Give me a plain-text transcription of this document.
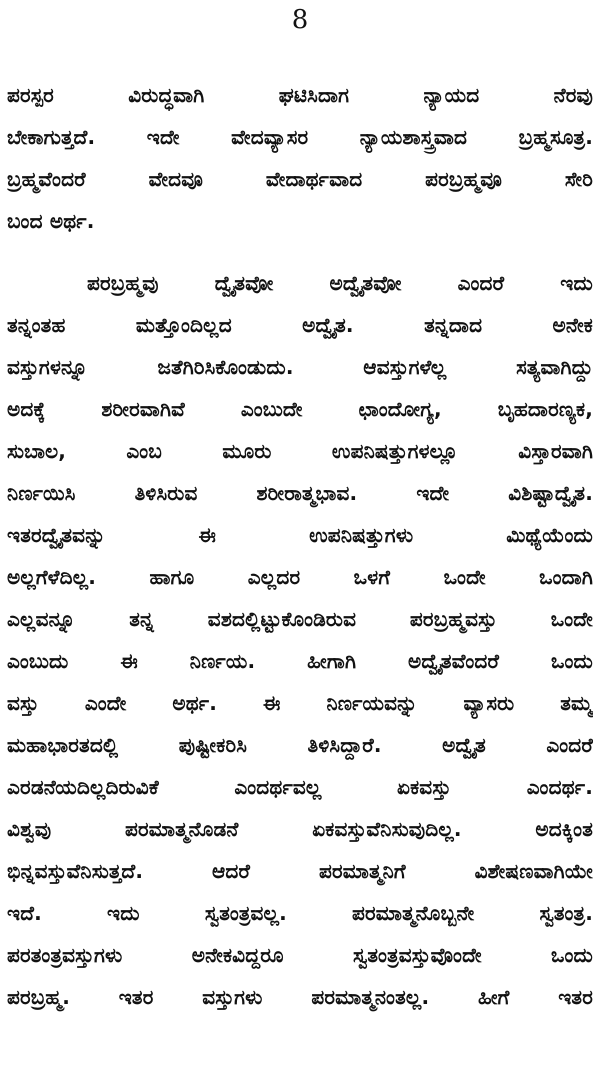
8
ಪರಸ್ಪರ ವಿರುದ್ಧವಾಗಿ ಘಟಿಸಿದಾಗ ನ್ಯಾಯದ ನೆರವು
ಬೇಕಾಗುತ್ತದೆ. ಇದೇ ವೇದವ್ಯಾಸರ ನ್ಯಾಯಶಾಸ್ತ್ರವಾದ ಬ್ರಹ್ಮಸೂತ್ರ.
ಬ್ರಹ್ಮವೆಂದರೆ ವೇದವೂ ವೇದಾರ್ಥವಾದ ಪರಬ್ರಹ್ಮವೂ ಸೇರಿ
ಬಂದ ಅರ್ಥ.
ಪರಬ್ರಹ್ಮವು ದ್ವೈತವೋ ಅದ್ವೈತವೋ ಎಂದರೆ ಇದು
ತನ್ನಂತಹ ಮತ್ತೊಂದಿಲ್ಲದ ಅದ್ವೈತ. ತನ್ನದಾದ ಅನೇಕ
ವಸ್ತುಗಳನ್ನೂ ಜತೆಗಿರಿಸಿಕೊಂಡುದು. ಆವಸ್ತುಗಳೆಲ್ಲ ಸತ್ಯವಾಗಿದ್ದು
ಅದಕ್ಕೆ ಶರೀರವಾಗಿವೆ ಎಂಬುದೇ ಛಾಂದೋಗ್ಯ, ಬೃಹದಾರಣ್ಯಕ,
ಸುಬಾಲ, ಎಂಬ ಮೂರು ಉಪನಿಷತ್ತುಗಳಲ್ಲೂ ವಿಸ್ತಾರವಾಗಿ
ನಿರ್ಣಯಿಸಿ ತಿಳಿಸಿರುವ ಶರೀರಾತ್ಮಭಾವ. ಇದೇ ವಿಶಿಷ್ಟಾದ್ವೈತ.
ಇತರದ್ವೈತವನ್ನು ಈ ಉಪನಿಷತ್ತುಗಳು ಮಿಥ್ಯೆಯೆಂದು
ಅಲ್ಲಗೆಳೆದಿಲ್ಲ. ಹಾಗೂ ಎಲ್ಲದರ ಒಳಗೆ ಒಂದೇ ಒಂದಾಗಿ
ಎಲ್ಲವನ್ನೂ ತನ್ನ ವಶದಲ್ಲಿಟ್ಟುಕೊಂಡಿರುವ ಪರಬ್ರಹ್ಮವಸ್ತು ಒಂದೇ
ಎಂಬುದು ಈ ನಿರ್ಣಯ. ಹೀಗಾಗಿ ಅದ್ವೈತವೆಂದರೆ ಒಂದು
ವಸ್ತು ಎಂದೇ ಅರ್ಥ. ಈ ನಿರ್ಣಯವನ್ನು ವ್ಯಾಸರು ತಮ್ಮ
ಮಹಾಭಾರತದಲ್ಲಿ ಪುಷ್ಟೀಕರಿಸಿ ತಿಳಿಸಿದ್ದಾರೆ. ಅದ್ವೈತ ಎಂದರೆ
ಎರಡನೆಯದಿಲ್ಲದಿರುವಿಕೆ ಎಂದರ್ಥವಲ್ಲ ಏಕವಸ್ತು ಎಂದರ್ಥ.
ವಿಶ್ವವು ಪರಮಾತ್ಮನೊಡನೆ ಏಕವಸ್ತುವೆನಿಸುವುದಿಲ್ಲ. ಅದಕ್ಕಿಂತ
ಭಿನ್ನವಸ್ತುವೆನಿಸುತ್ತದೆ. ಆದರೆ ಪರಮಾತ್ಮನಿಗೆ ವಿಶೇಷಣವಾಗಿಯೇ
ಇದೆ. ಇದು ಸ್ವತಂತ್ರವಲ್ಲ. ಪರಮಾತ್ಮನೊಬ್ಬನೇ ಸ್ವತಂತ್ರ.
ಪರತಂತ್ರವಸ್ತುಗಳು ಅನೇಕವಿದ್ದರೂ ಸ್ವತಂತ್ರವಸ್ತುವೊಂದೇ ಒಂದು
ಪರಬ್ರಹ್ಮ. ಇತರ ವಸ್ತುಗಳು ಪರಮಾತ್ಮನಂತಲ್ಲ. ಹೀಗೆ ಇತರ
